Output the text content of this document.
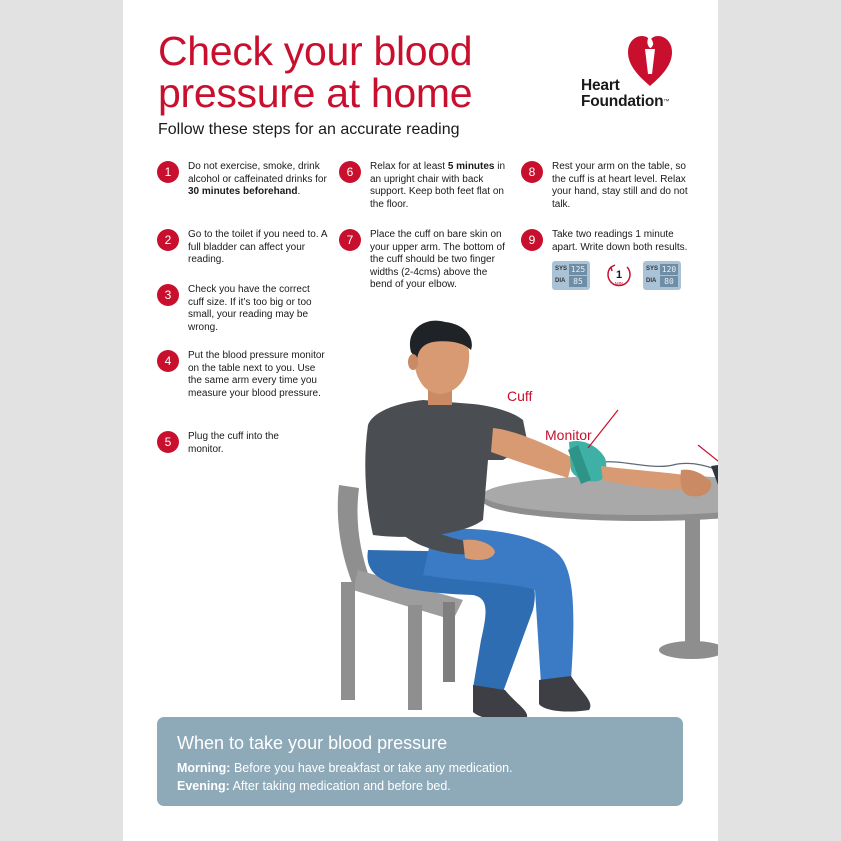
Check your blood
pressure at home
Follow these steps for an accurate reading
Heart
Foundation™
1	Do not exercise, smoke, drink alcohol or caffeinated drinks for 30 minutes beforehand.
2	Go to the toilet if you need to. A full bladder can affect your reading.
3	Check you have the correct cuff size. If it’s too big or too small, your reading may be wrong.
4	Put the blood pressure monitor on the table next to you. Use the same arm every time you measure your blood pressure.
5	Plug the cuff into the monitor.
6	Relax for at least 5 minutes in an upright chair with back support. Keep both feet flat on the floor.
7	Place the cuff on bare skin on your upper arm. The bottom of the cuff should be two finger widths (2-4cms) above the bend of your elbow.
8	Rest your arm on the table, so the cuff is at heart level. Relax your hand, stay still and do not talk.
9	Take two readings 1 minute apart. Write down both results.
SYS
DIA
125
85
1
MIN
SYS
DIA
120
80
Cuff
Monitor
When to take your blood pressure
Morning: Before you have breakfast or take any medication.
Evening: After taking medication and before bed.
